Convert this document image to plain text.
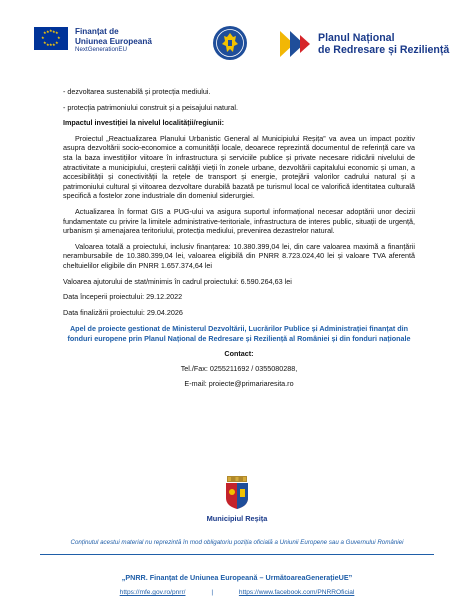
★ ★
★
★
★
★
★
★ ★ ★
★ ★
Finanțat de
Uniunea Europeană
NextGenerationEU
Planul Național
de Redresare și Reziliență

- dezvoltarea sustenabilă și protecția mediului.

- protecția patrimoniului construit și a peisajului natural.

Impactul investiției la nivelul localității/regiunii:

Proiectul „Reactualizarea Planului Urbanistic General al Municipiului Reșița” va avea un impact pozitiv asupra dezvoltării socio-economice a comunității locale, deoarece reprezintă documentul de referință care va sta la baza investițiilor viitoare în infrastructura și serviciile publice și private necesare ridicării nivelului de atractivitate a municipiului, creșterii calității vieții în zonele urbane, dezvoltării capitalului economic și uman, a accesibilității și conectivității la rețele de transport și energie, protejării valorilor cadrului natural și a patrimoniului cultural și viitoarea dezvoltare durabilă bazată pe turismul local ce valorifică identitatea culturală specifică a fostelor zone industriale din domeniul siderurgiei.

Actualizarea în format GIS a PUG-ului va asigura suportul informațional necesar adoptării unor decizii fundamentate cu privire la limitele administrative-teritoriale, infrastructura de interes public, situații de urgență, urbanism și amenajarea teritoriului, protecția mediului, prevenirea dezastrelor natural.

Valoarea totală a proiectului, inclusiv finanțarea: 10.380.399,04 lei, din care valoarea maximă a finanțării nerambursabile de 10.380.399,04 lei, valoarea eligibilă din PNRR 8.723.024,40 lei și valoare TVA aferentă cheltuielilor eligibile din PNRR 1.657.374,64 lei

Valoarea ajutorului de stat/minimis în cadrul proiectului: 6.590.264,63 lei

Data începerii proiectului: 29.12.2022

Data finalizării proiectului: 29.04.2026

Apel de proiecte gestionat de Ministerul Dezvoltării, Lucrărilor Publice și Administrației finanțat din fonduri europene prin Planul Național de Redresare și Reziliență al României și din fonduri naționale

Contact:

Tel./Fax: 0255211692 / 0355080288,

E-mail: proiecte@primariaresita.ro

Municipiul Reșița
Conținutul acestui material nu reprezintă în mod obligatoriu poziția oficială a Uniunii Europene sau a Guvernului României
„PNRR. Finanțat de Uniunea Europeană – UrmătoareaGenerațieUE”
https://mfe.gov.ro/pnrr/	|	https://www.facebook.com/PNRROficial
